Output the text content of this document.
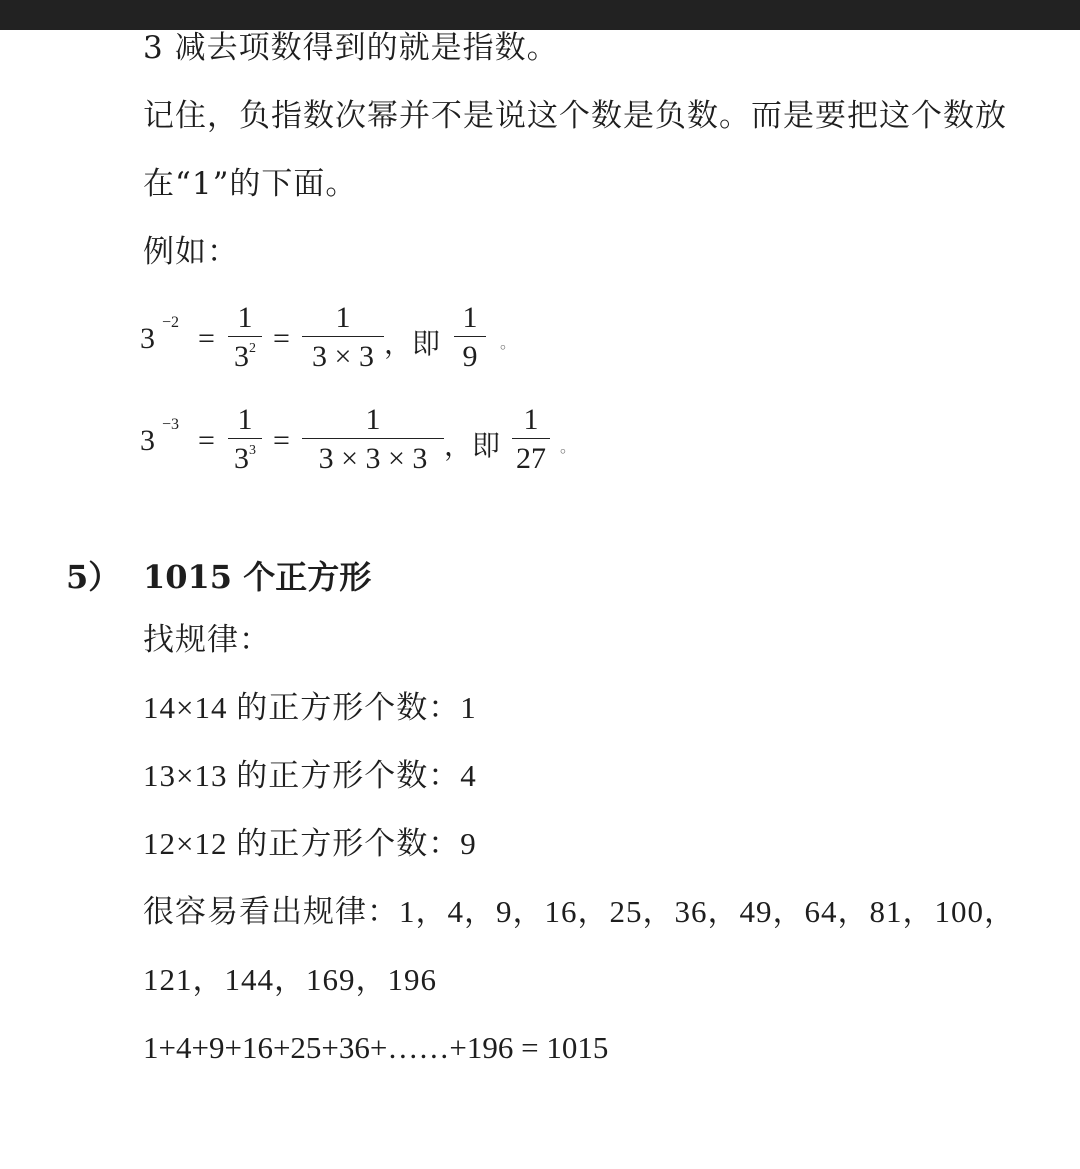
3 减去项数得到的就是指数。
记住，负指数次幂并不是说这个数是负数。而是要把这个数放
在“1”的下面。
例如：
3 −2 =
1
$3^2$ =
1
3 × 3 ，即
1
9	。
3 −3 =
1
$3^3$ =
1
3 × 3 × 3 ，即
1
27 。
5） 1015 个正方形
找规律：
14×14 的正方形个数：1
13×13 的正方形个数：4
12×12 的正方形个数：9
很容易看出规律：1，4，9，16，25，36，49，64，81，100，
121，144，169，196
1+4+9+16+25+36+……+196 = 1015
